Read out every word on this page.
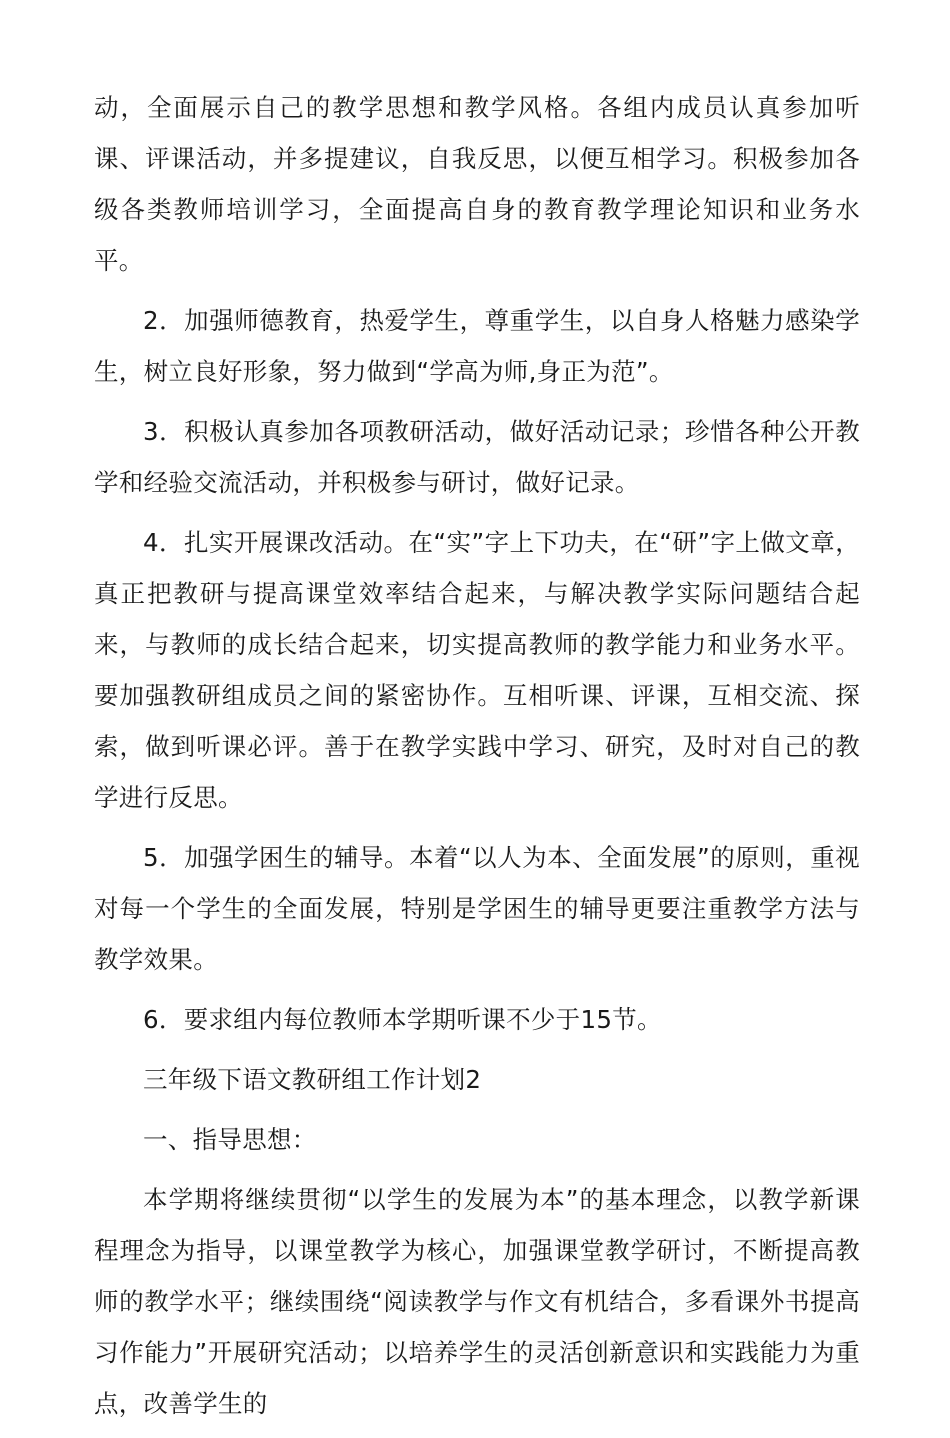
动，全面展示自己的教学思想和教学风格。各组内成员认真参加听课、评课活动，并多提建议，自我反思，以便互相学习。积极参加各级各类教师培训学习，全面提高自身的教育教学理论知识和业务水平。

2．加强师德教育，热爱学生，尊重学生，以自身人格魅力感染学生，树立良好形象，努力做到“学高为师,身正为范”。

3．积极认真参加各项教研活动，做好活动记录；珍惜各种公开教学和经验交流活动，并积极参与研讨，做好记录。

4．扎实开展课改活动。在“实”字上下功夫，在“研”字上做文章，真正把教研与提高课堂效率结合起来，与解决教学实际问题结合起来，与教师的成长结合起来，切实提高教师的教学能力和业务水平。要加强教研组成员之间的紧密协作。互相听课、评课，互相交流、探索，做到听课必评。善于在教学实践中学习、研究，及时对自己的教学进行反思。

5．加强学困生的辅导。本着“以人为本、全面发展”的原则，重视对每一个学生的全面发展，特别是学困生的辅导更要注重教学方法与教学效果。

6．要求组内每位教师本学期听课不少于15节。

三年级下语文教研组工作计划2

一、指导思想：

本学期将继续贯彻“以学生的发展为本”的基本理念，以教学新课程理念为指导，以课堂教学为核心，加强课堂教学研讨，不断提高教师的教学水平；继续围绕“阅读教学与作文有机结合，多看课外书提高习作能力”开展研究活动；以培养学生的灵活创新意识和实践能力为重点，改善学生的
